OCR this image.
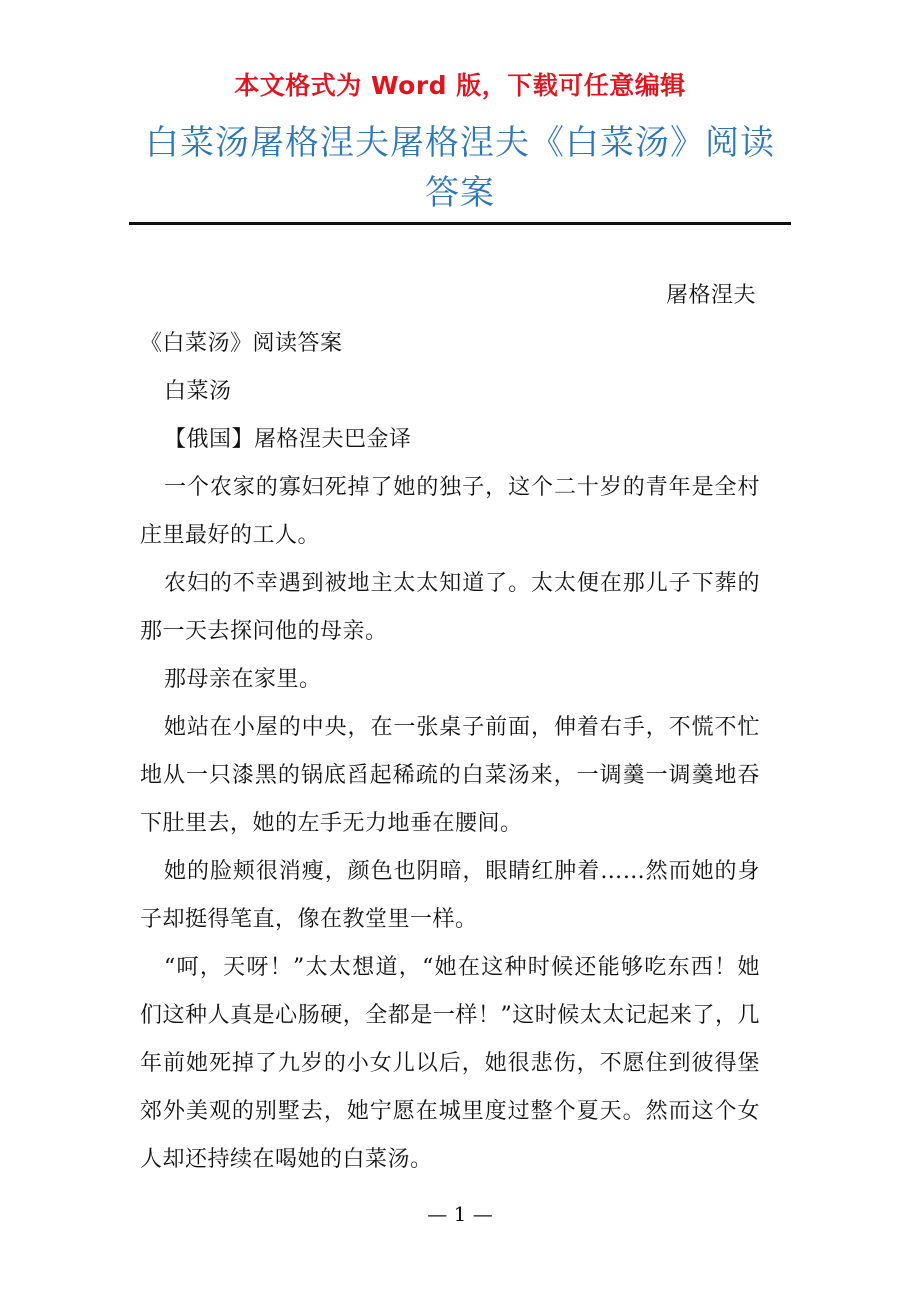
本文格式为 Word 版，下载可任意编辑
白菜汤屠格涅夫屠格涅夫《白菜汤》阅读答案
屠格涅夫

《白菜汤》阅读答案

白菜汤

【俄国】屠格涅夫巴金译

一个农家的寡妇死掉了她的独子，这个二十岁的青年是全村庄里最好的工人。

农妇的不幸遇到被地主太太知道了。太太便在那儿子下葬的那一天去探问他的母亲。

那母亲在家里。

她站在小屋的中央，在一张桌子前面，伸着右手，不慌不忙地从一只漆黑的锅底舀起稀疏的白菜汤来，一调羹一调羹地吞下肚里去，她的左手无力地垂在腰间。

她的脸颊很消瘦，颜色也阴暗，眼睛红肿着……然而她的身子却挺得笔直，像在教堂里一样。

“呵，天呀！”太太想道，“她在这种时候还能够吃东西！她们这种人真是心肠硬，全都是一样！”这时候太太记起来了，几年前她死掉了九岁的小女儿以后，她很悲伤，不愿住到彼得堡郊外美观的别墅去，她宁愿在城里度过整个夏天。然而这个女人却还持续在喝她的白菜汤。

— 1 —
